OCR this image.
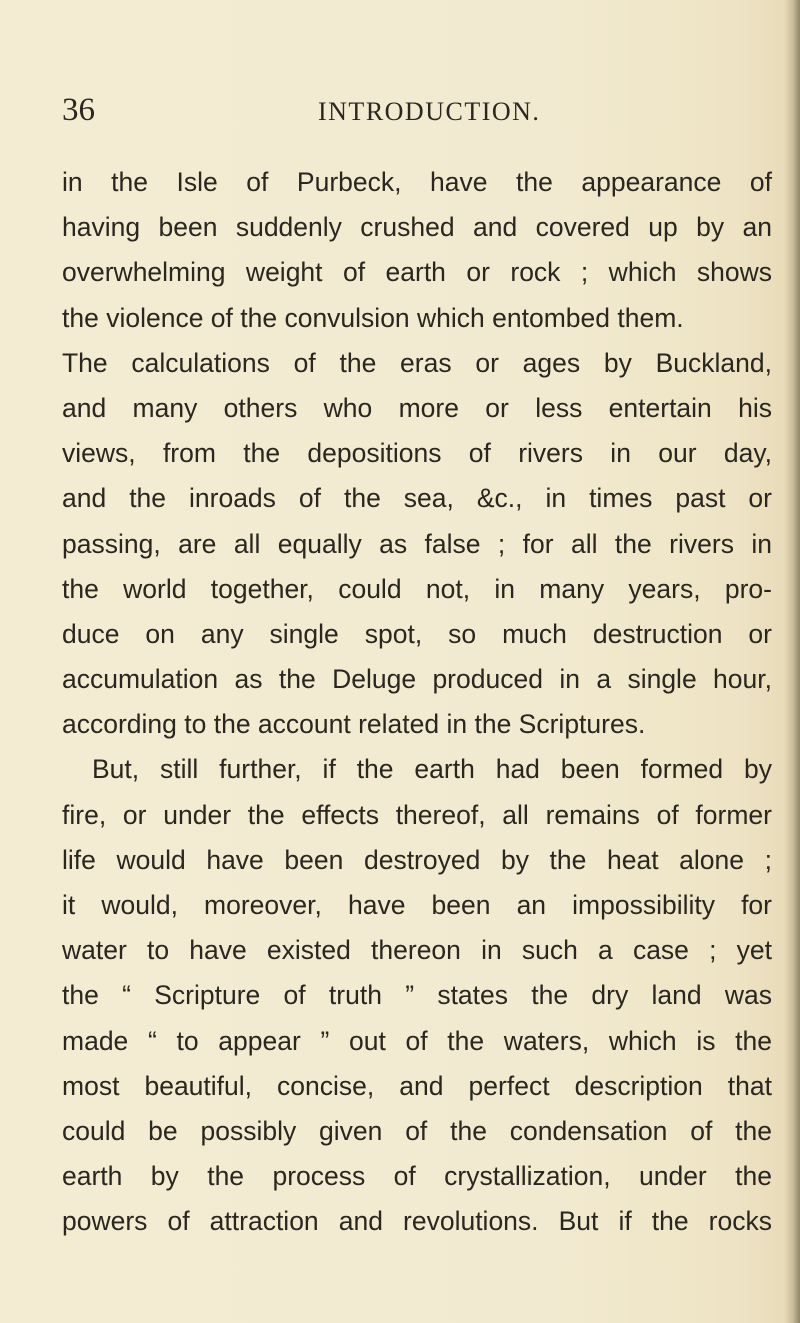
36	INTRODUCTION.
in the Isle of Purbeck, have the appearance of
having been suddenly crushed and covered up by an
overwhelming weight of earth or rock ; which shows
the violence of the convulsion which entombed them.
The calculations of the eras or ages by Buckland,
and many others who more or less entertain his
views, from the depositions of rivers in our day,
and the inroads of the sea, &c., in times past or
passing, are all equally as false ; for all the rivers in
the world together, could not, in many years, pro-
duce on any single spot, so much destruction or
accumulation as the Deluge produced in a single hour,
according to the account related in the Scriptures.
But, still further, if the earth had been formed by
fire, or under the effects thereof, all remains of former
life would have been destroyed by the heat alone ;
it would, moreover, have been an impossibility for
water to have existed thereon in such a case ; yet
the “ Scripture of truth ” states the dry land was
made “ to appear ” out of the waters, which is the
most beautiful, concise, and perfect description that
could be possibly given of the condensation of the
earth by the process of crystallization, under the
powers of attraction and revolutions. But if the rocks
